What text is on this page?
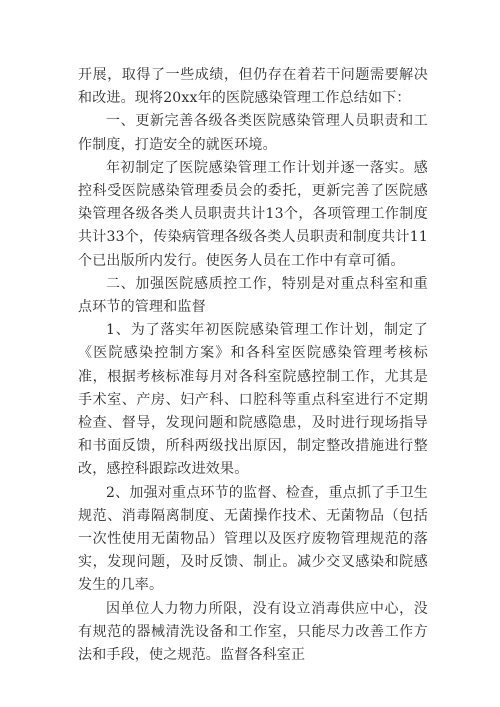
开展，取得了一些成绩，但仍存在着若干问题需要解决和改进。现将20xx年的医院感染管理工作总结如下：

一、更新完善各级各类医院感染管理人员职责和工作制度，打造安全的就医环境。

年初制定了医院感染管理工作计划并逐一落实。感控科受医院感染管理委员会的委托，更新完善了医院感染管理各级各类人员职责共计13个，各项管理工作制度共计33个，传染病管理各级各类人员职责和制度共计11个已出版所内发行。使医务人员在工作中有章可循。

二、加强医院感质控工作，特别是对重点科室和重点环节的管理和监督

1、为了落实年初医院感染管理工作计划，制定了《医院感染控制方案》和各科室医院感染管理考核标准，根据考核标准每月对各科室院感控制工作，尤其是手术室、产房、妇产科、口腔科等重点科室进行不定期检查、督导，发现问题和院感隐患，及时进行现场指导和书面反馈，所科两级找出原因，制定整改措施进行整改，感控科跟踪改进效果。

2、加强对重点环节的监督、检查，重点抓了手卫生规范、消毒隔离制度、无菌操作技术、无菌物品（包括一次性使用无菌物品）管理以及医疗废物管理规范的落实，发现问题，及时反馈、制止。减少交叉感染和院感发生的几率。

因单位人力物力所限，没有设立消毒供应中心，没有规范的器械清洗设备和工作室，只能尽力改善工作方法和手段，使之规范。监督各科室正
